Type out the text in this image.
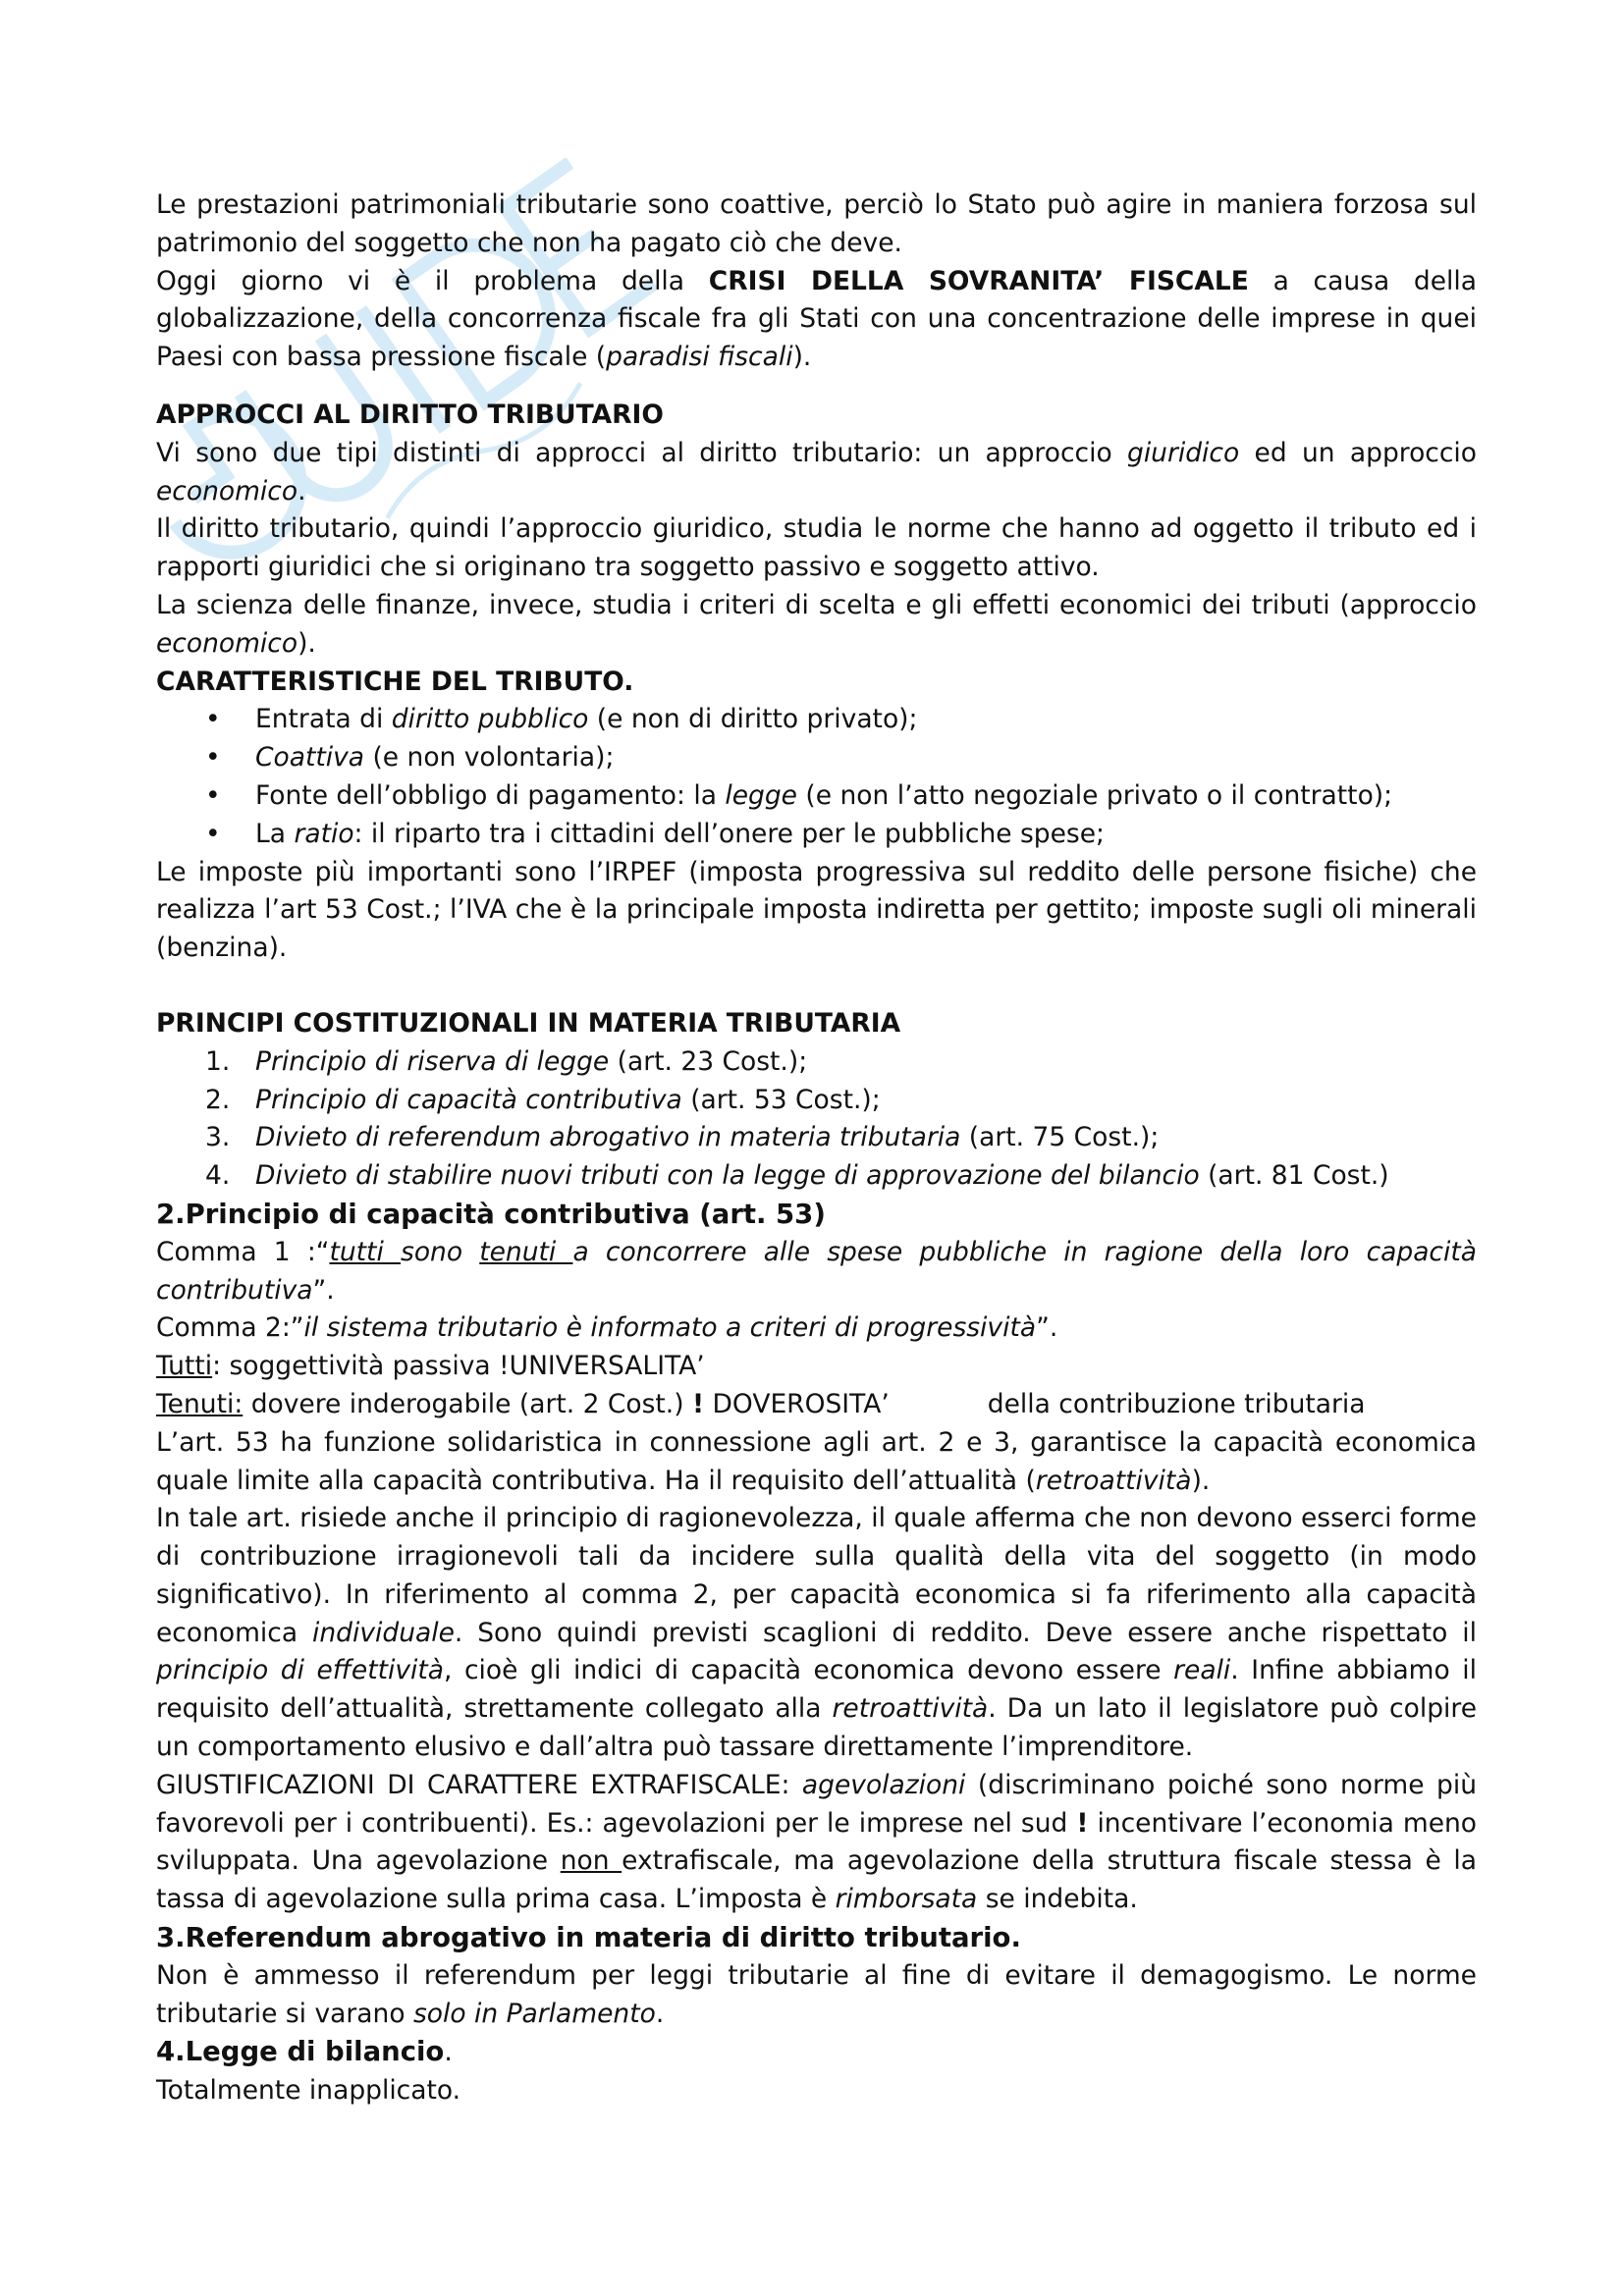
Le prestazioni patrimoniali tributarie sono coattive, perciò lo Stato può agire in maniera forzosa sul patrimonio del soggetto che non ha pagato ciò che deve.

Oggi giorno vi è il problema della CRISI DELLA SOVRANITA’ FISCALE a causa della globalizzazione, della concorrenza fiscale fra gli Stati con una concentrazione delle imprese in quei Paesi con bassa pressione fiscale (paradisi fiscali).

APPROCCI AL DIRITTO TRIBUTARIO

Vi sono due tipi distinti di approcci al diritto tributario: un approccio giuridico ed un approccio economico.

Il diritto tributario, quindi l’approccio giuridico, studia le norme che hanno ad oggetto il tributo ed i rapporti giuridici che si originano tra soggetto passivo e soggetto attivo.

La scienza delle finanze, invece, studia i criteri di scelta e gli effetti economici dei tributi (approccio economico).

CARATTERISTICHE DEL TRIBUTO.

• Entrata di diritto pubblico (e non di diritto privato);
• Coattiva (e non volontaria);
• Fonte dell’obbligo di pagamento: la legge (e non l’atto negoziale privato o il contratto);
• La ratio: il riparto tra i cittadini dell’onere per le pubbliche spese;

Le imposte più importanti sono l’IRPEF (imposta progressiva sul reddito delle persone fisiche) che realizza l’art 53 Cost.; l’IVA che è la principale imposta indiretta per gettito; imposte sugli oli minerali (benzina).

PRINCIPI COSTITUZIONALI IN MATERIA TRIBUTARIA

1. Principio di riserva di legge (art. 23 Cost.);
2. Principio di capacità contributiva (art. 53 Cost.);
3. Divieto di referendum abrogativo in materia tributaria (art. 75 Cost.);
4. Divieto di stabilire nuovi tributi con la legge di approvazione del bilancio (art. 81 Cost.)

2.Principio di capacità contributiva (art. 53)

Comma 1 :“tutti sono tenuti a concorrere alle spese pubbliche in ragione della loro capacità contributiva”.

Comma 2:”il sistema tributario è informato a criteri di progressività”.

Tutti: soggettività passiva !UNIVERSALITA’

Tenuti: dovere inderogabile (art. 2 Cost.) ! DOVEROSITA’	della contribuzione tributaria

L’art. 53 ha funzione solidaristica in connessione agli art. 2 e 3, garantisce la capacità economica quale limite alla capacità contributiva. Ha il requisito dell’attualità (retroattività).

In tale art. risiede anche il principio di ragionevolezza, il quale afferma che non devono esserci forme di contribuzione irragionevoli tali da incidere sulla qualità della vita del soggetto (in modo significativo). In riferimento al comma 2, per capacità economica si fa riferimento alla capacità economica individuale. Sono quindi previsti scaglioni di reddito. Deve essere anche rispettato il principio di effettività, cioè gli indici di capacità economica devono essere reali. Infine abbiamo il requisito dell’attualità, strettamente collegato alla retroattività. Da un lato il legislatore può colpire un comportamento elusivo e dall’altra può tassare direttamente l’imprenditore.

GIUSTIFICAZIONI DI CARATTERE EXTRAFISCALE: agevolazioni (discriminano poiché sono norme più favorevoli per i contribuenti). Es.: agevolazioni per le imprese nel sud ! incentivare l’economia meno sviluppata. Una agevolazione non extrafiscale, ma agevolazione della struttura fiscale stessa è la tassa di agevolazione sulla prima casa. L’imposta è rimborsata se indebita.

3.Referendum abrogativo in materia di diritto tributario.

Non è ammesso il referendum per leggi tributarie al fine di evitare il demagogismo. Le norme tributarie si varano solo in Parlamento.

4.Legge di bilancio.

Totalmente inapplicato.
